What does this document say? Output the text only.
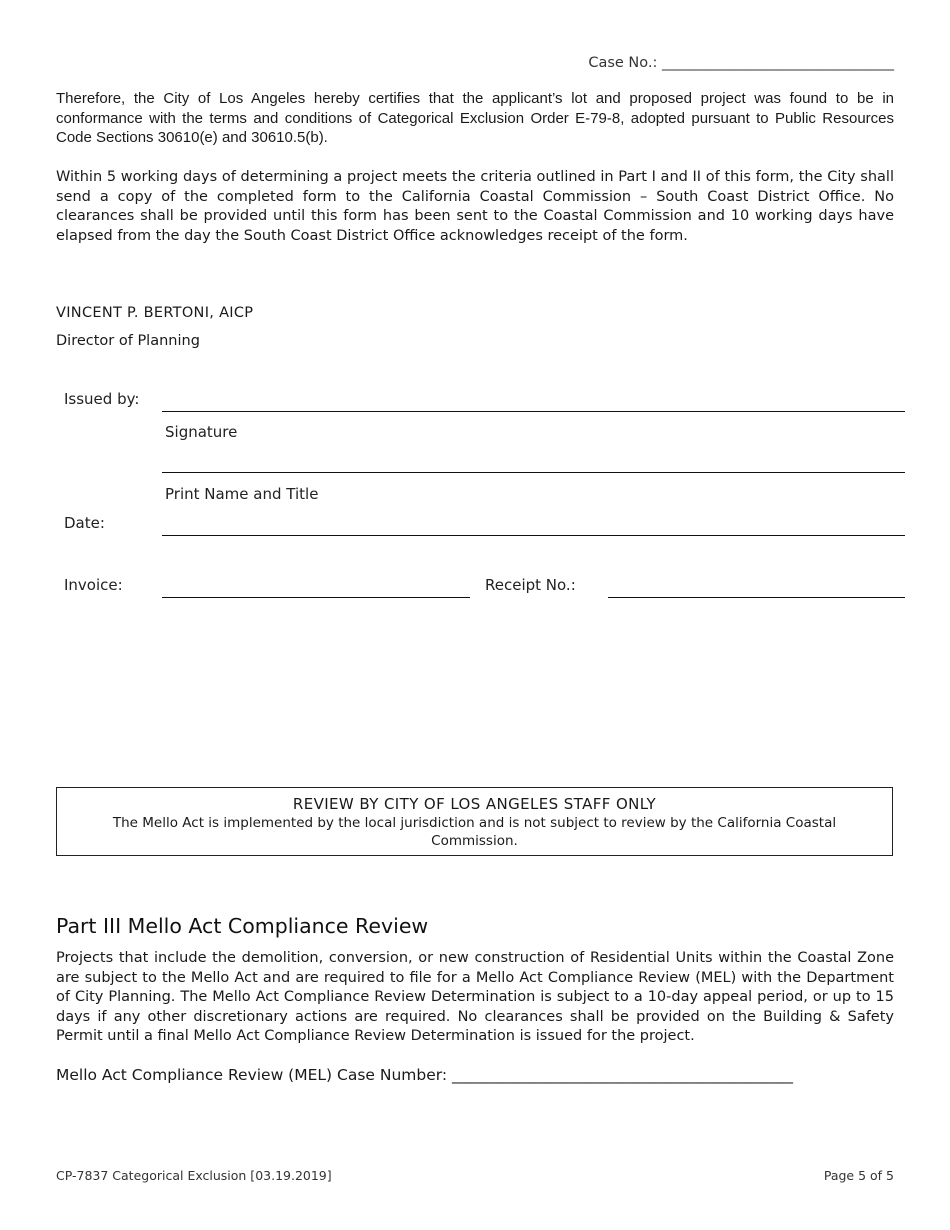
Case No.: ________________________________
Therefore, the City of Los Angeles hereby certifies that the applicant’s lot and proposed project was found to be in conformance with the terms and conditions of Categorical Exclusion Order E-79-8, adopted pursuant to Public Resources Code Sections 30610(e) and 30610.5(b).
Within 5 working days of determining a project meets the criteria outlined in Part I and II of this form, the City shall send a copy of the completed form to the California Coastal Commission – South Coast District Office. No clearances shall be provided until this form has been sent to the Coastal Commission and 10 working days have elapsed from the day the South Coast District Office acknowledges receipt of the form.
VINCENT P. BERTONI, AICP
Director of Planning
Issued by:
Signature
Print Name and Title
Date:
Invoice:	Receipt No.:
REVIEW BY CITY OF LOS ANGELES STAFF ONLY
The Mello Act is implemented by the local jurisdiction and is not subject to review by the California Coastal Commission.
Part III Mello Act Compliance Review
Projects that include the demolition, conversion, or new construction of Residential Units within the Coastal Zone are subject to the Mello Act and are required to file for a Mello Act Compliance Review (MEL) with the Department of City Planning. The Mello Act Compliance Review Determination is subject to a 10-day appeal period, or up to 15 days if any other discretionary actions are required. No clearances shall be provided on the Building & Safety Permit until a final Mello Act Compliance Review Determination is issued for the project.
Mello Act Compliance Review (MEL) Case Number: ____________________________________________
CP-7837 Categorical Exclusion [03.19.2019]	Page 5 of 5
